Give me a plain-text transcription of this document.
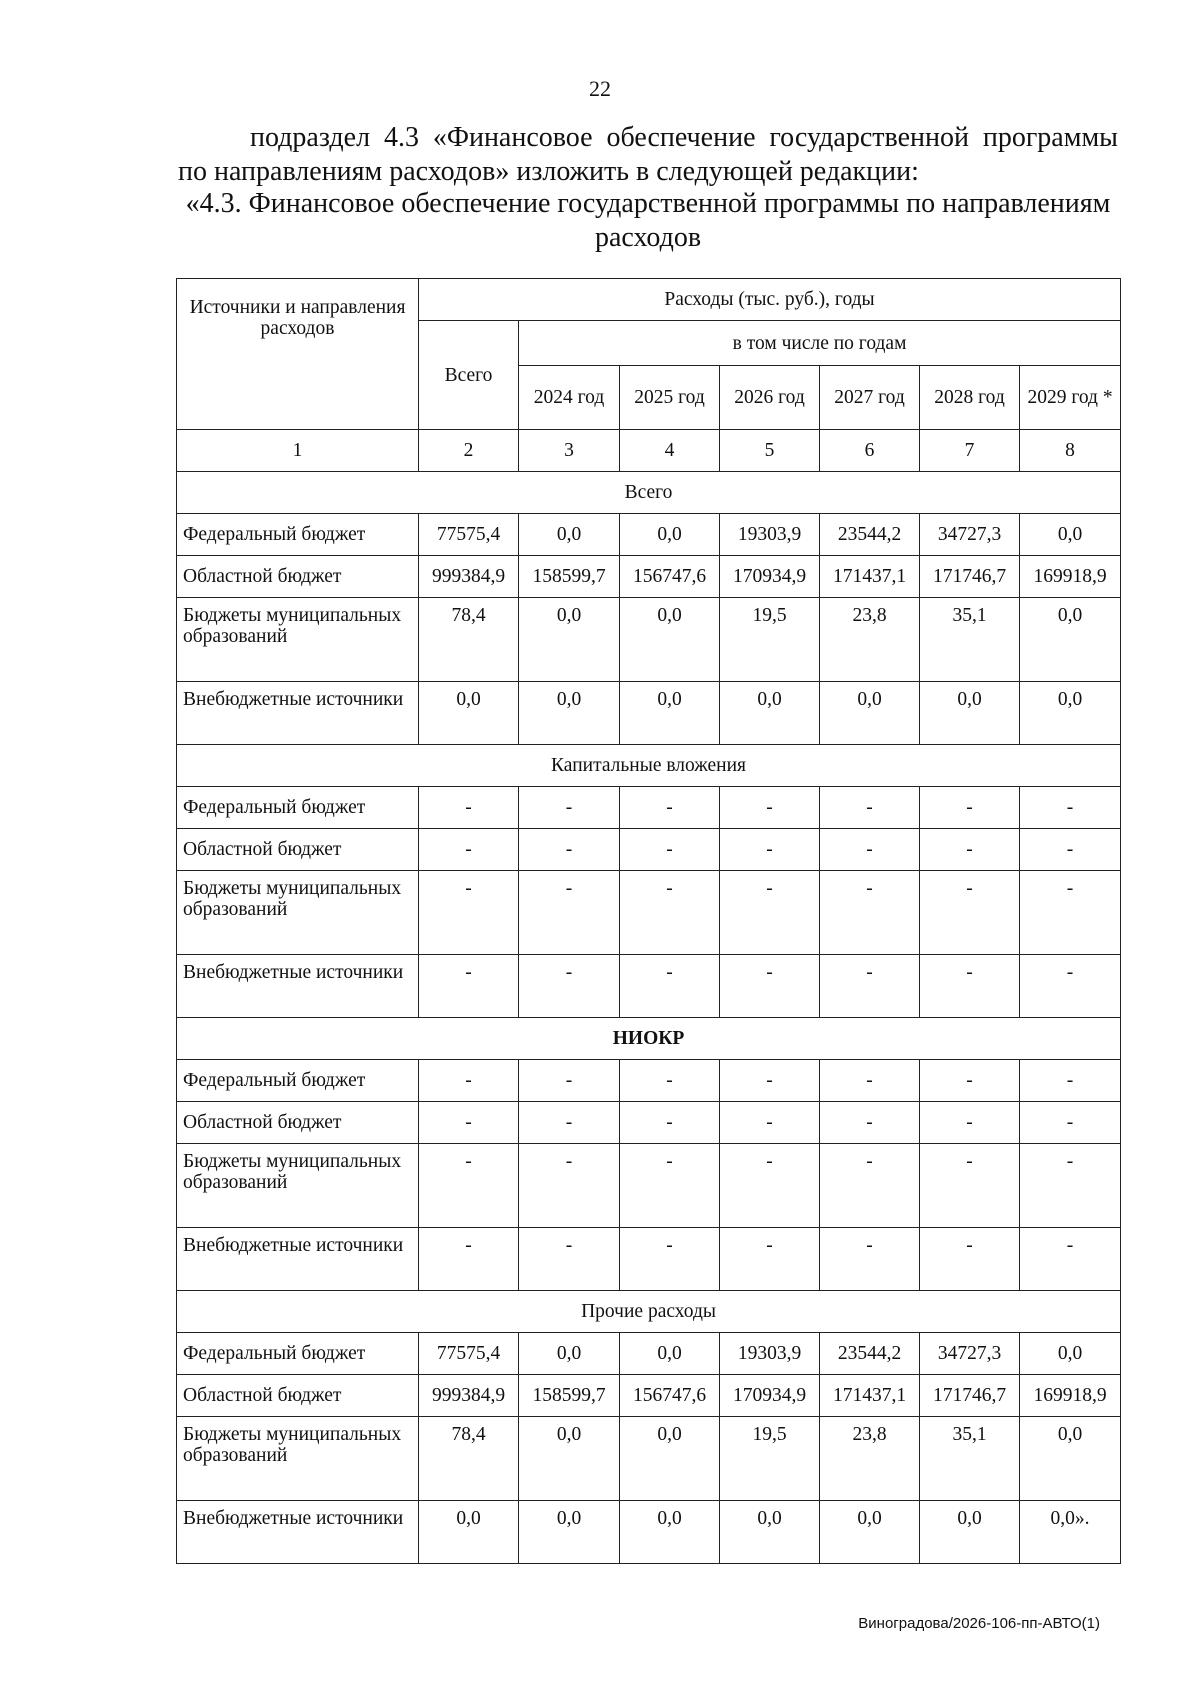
22
подраздел 4.3 «Финансовое обеспечение государственной программы по направлениям расходов» изложить в следующей редакции:
«4.3. Финансовое обеспечение государственной программы по направлениям расходов
Источники и направления расходов	Расходы (тыс. руб.), годы						
	Всего	в том числе по годам					
		2024 год	2025 год	2026 год	2027 год	2028 год	2029 год *
1	2	3	4	5	6	7	8
Всего							
Федеральный бюджет	77575,4	0,0	0,0	19303,9	23544,2	34727,3	0,0
Областной бюджет	999384,9	158599,7	156747,6	170934,9	171437,1	171746,7	169918,9
Бюджеты муниципальных образований	78,4	0,0	0,0	19,5	23,8	35,1	0,0
Внебюджетные источники	0,0	0,0	0,0	0,0	0,0	0,0	0,0
Капитальные вложения							
Федеральный бюджет	-	-	-	-	-	-	-
Областной бюджет	-	-	-	-	-	-	-
Бюджеты муниципальных образований	-	-	-	-	-	-	-
Внебюджетные источники	-	-	-	-	-	-	-
НИОКР							
Федеральный бюджет	-	-	-	-	-	-	-
Областной бюджет	-	-	-	-	-	-	-
Бюджеты муниципальных образований	-	-	-	-	-	-	-
Внебюджетные источники	-	-	-	-	-	-	-
Прочие расходы							
Федеральный бюджет	77575,4	0,0	0,0	19303,9	23544,2	34727,3	0,0
Областной бюджет	999384,9	158599,7	156747,6	170934,9	171437,1	171746,7	169918,9
Бюджеты муниципальных образований	78,4	0,0	0,0	19,5	23,8	35,1	0,0
Внебюджетные источники	0,0	0,0	0,0	0,0	0,0	0,0	0,0».
Виноградова/2026-106-пп-АВТО(1)
